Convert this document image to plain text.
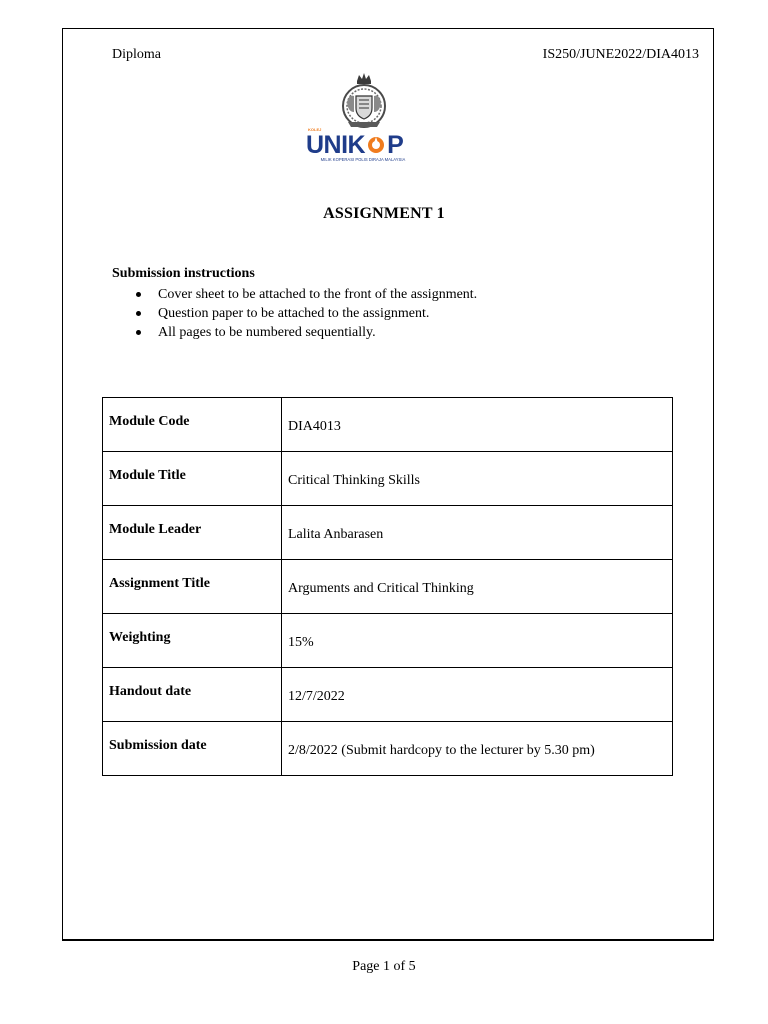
Diploma	IS250/JUNE2022/DIA4013
KOLEJ
UNIK P
MILIK KOPERASI POLIS DIRAJA MALAYSIA
ASSIGNMENT 1
Submission instructions
Cover sheet to be attached to the front of the assignment.
Question paper to be attached to the assignment.
All pages to be numbered sequentially.
Module Code	DIA4013
Module Title	Critical Thinking Skills
Module Leader	Lalita Anbarasen
Assignment Title	Arguments and Critical Thinking
Weighting	15%
Handout date	12/7/2022
Submission date	2/8/2022 (Submit hardcopy to the lecturer by 5.30 pm)
Page 1 of 5
